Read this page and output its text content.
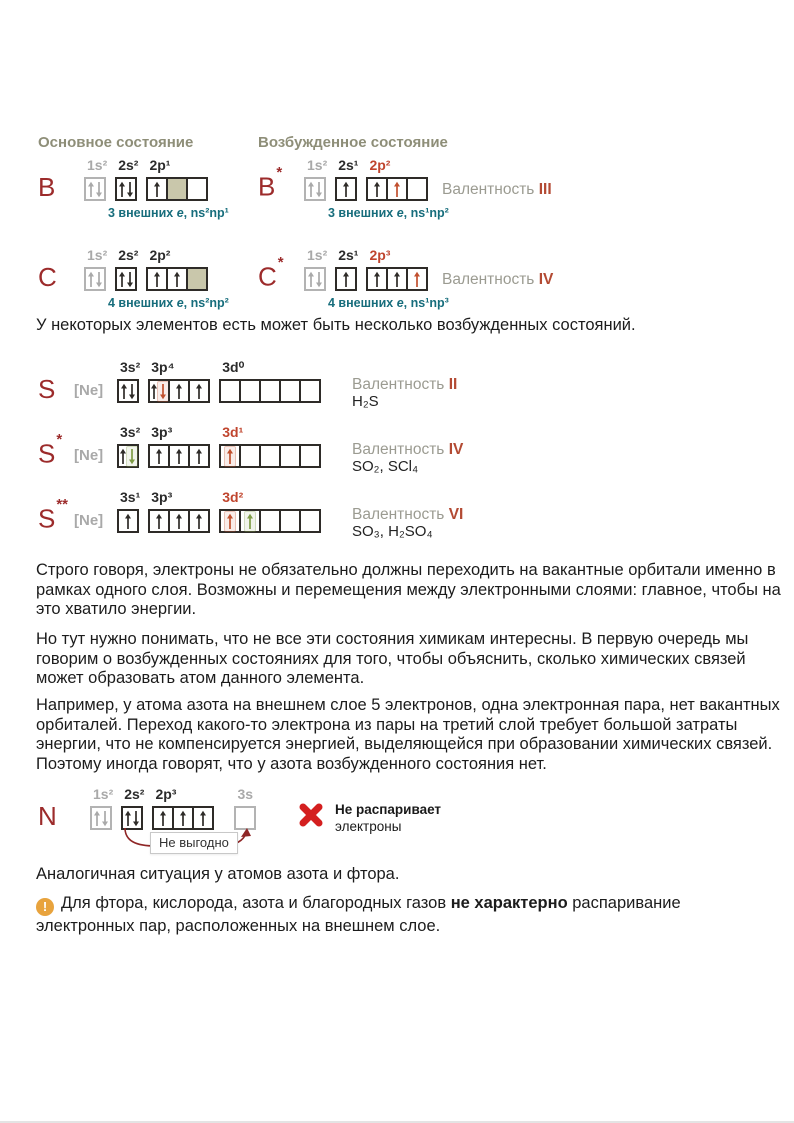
Основное состояние	Возбужденное состояние
B
1s² 2s² 2p¹
3 внешних e, ns²np¹
B*	1s² 2s¹ 2p²
3 внешних e, ns¹np²
Валентность III
C
1s² 2s² 2p²
4 внешних e, ns²np²
C*	1s² 2s¹ 2p³
4 внешних e, ns¹np³
Валентность IV
У некоторых элементов есть может быть несколько возбужденных состояний.
S	[Ne]
3s² 3p⁴	3d⁰
Валентность II
H₂S
S*
[Ne]
3s² 3p³	3d¹
Валентность IV
SO₂, SCl₄
S**
[Ne]
3s¹ 3p³	3d²
Валентность VI
SO₃, H₂SO₄
Строго говоря, электроны не обязательно должны переходить на вакантные орбитали именно в
рамках одного слоя. Возможны и перемещения между электронными слоями: главное, чтобы на
это хватило энергии.
Но тут нужно понимать, что не все эти состояния химикам интересны. В первую очередь мы
говорим о возбужденных состояниях для того, чтобы объяснить, сколько химических связей
может образовать атом данного элемента.
Например, у атома азота на внешнем слое 5 электронов, одна электронная пара, нет вакантных
орбиталей. Переход какого-то электрона из пары на третий слой требует большой затраты
энергии, что не компенсируется энергией, выделяющейся при образовании химических связей.
Поэтому иногда говорят, что у азота возбужденного состояния нет.
N
1s² 2s² 2p³	3s
Не выгодно
Не распаривает
электроны
Аналогичная ситуация у атомов азота и фтора.
!Для фтора, кислорода, азота и благородных газов не характерно распаривание
электронных пар, расположенных на внешнем слое.
